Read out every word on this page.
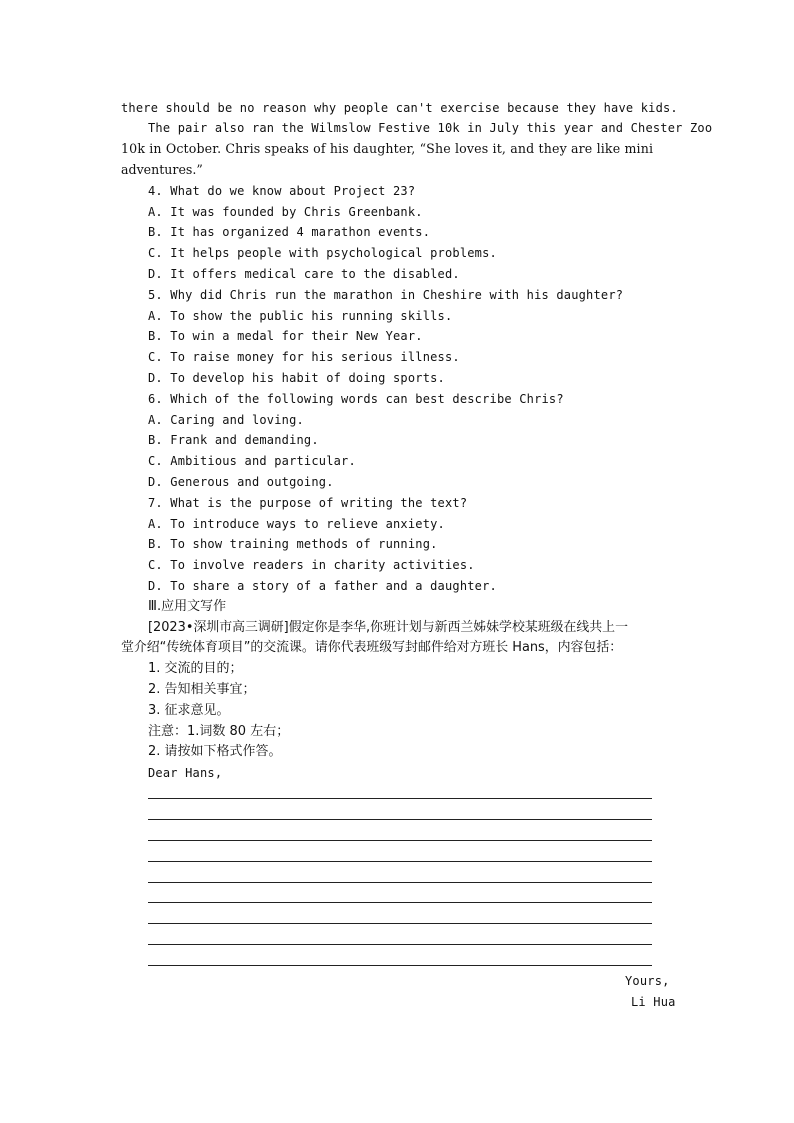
there should be no reason why people can't exercise because they have kids.
The pair also ran the Wilmslow Festive 10k in July this year and Chester Zoo
10k in October. Chris speaks of his daughter, “She loves it, and they are like mini
adventures.”
4. What do we know about Project 23?
A. It was founded by Chris Greenbank.
B. It has organized 4 marathon events.
C. It helps people with psychological problems.
D. It offers medical care to the disabled.
5. Why did Chris run the marathon in Cheshire with his daughter?
A. To show the public his running skills.
B. To win a medal for their New Year.
C. To raise money for his serious illness.
D. To develop his habit of doing sports.
6. Which of the following words can best describe Chris?
A. Caring and loving.
B. Frank and demanding.
C. Ambitious and particular.
D. Generous and outgoing.
7. What is the purpose of writing the text?
A. To introduce ways to relieve anxiety.
B. To show training methods of running.
C. To involve readers in charity activities.
D. To share a story of a father and a daughter.
Ⅲ.应用文写作
[2023•深圳市高三调研]假定你是李华,你班计划与新西兰姊妹学校某班级在线共上一
堂介绍“传统体育项目”的交流课。请你代表班级写封邮件给对方班长 Hans，内容包括：
1. 交流的目的；
2. 告知相关事宜；
3. 征求意见。
注意：1.词数 80 左右；
2. 请按如下格式作答。
Dear Hans,
Yours,
Li Hua
